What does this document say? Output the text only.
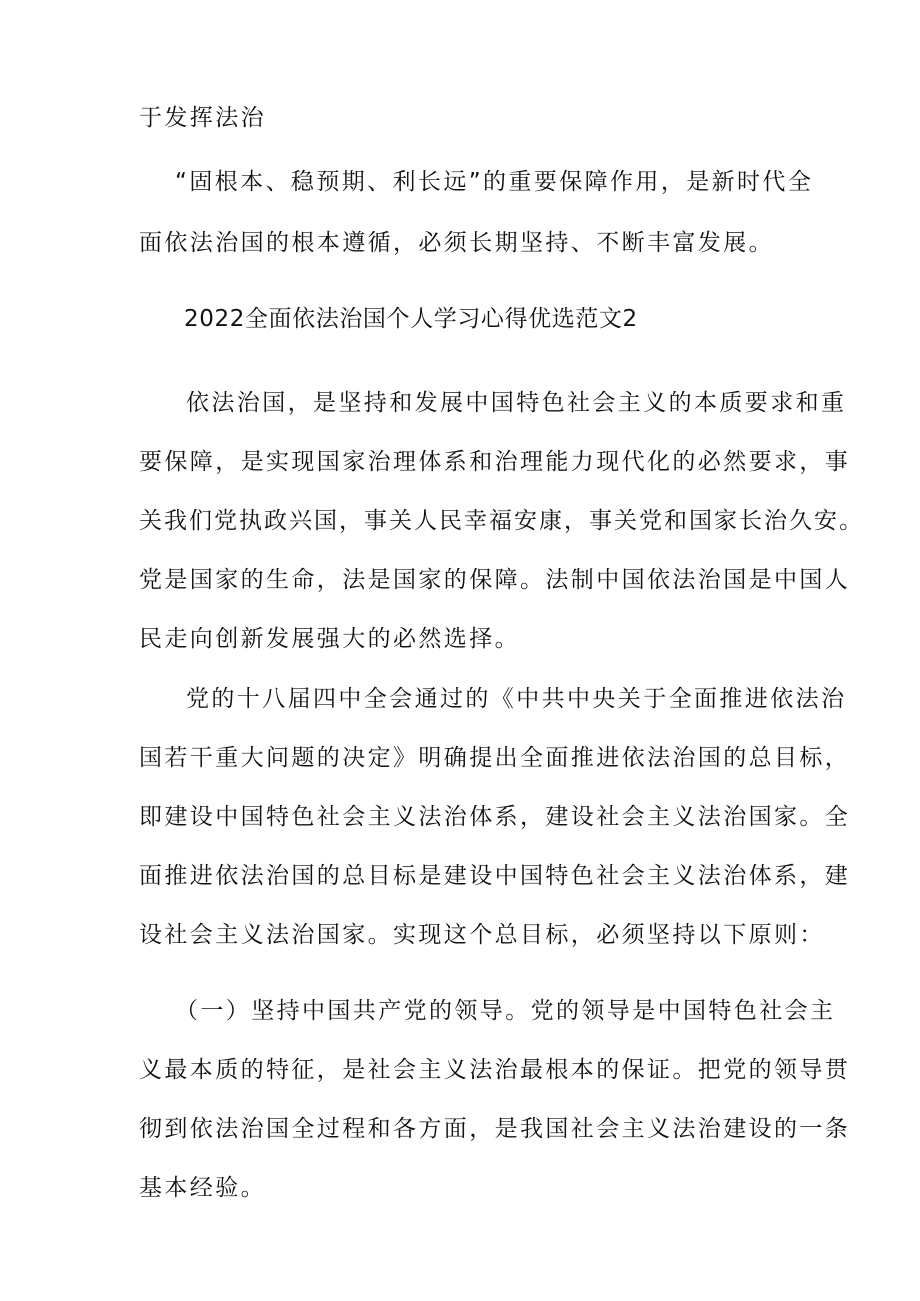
于发挥法治
“固根本、稳预期、利长远”的重要保障作用，是新时代全
面依法治国的根本遵循，必须长期坚持、不断丰富发展。
2022全面依法治国个人学习心得优选范文2
依法治国，是坚持和发展中国特色社会主义的本质要求和重
要保障，是实现国家治理体系和治理能力现代化的必然要求，事
关我们党执政兴国，事关人民幸福安康，事关党和国家长治久安。
党是国家的生命，法是国家的保障。法制中国依法治国是中国人
民走向创新发展强大的必然选择。
党的十八届四中全会通过的《中共中央关于全面推进依法治
国若干重大问题的决定》明确提出全面推进依法治国的总目标，
即建设中国特色社会主义法治体系，建设社会主义法治国家。全
面推进依法治国的总目标是建设中国特色社会主义法治体系，建
设社会主义法治国家。实现这个总目标，必须坚持以下原则：
（一）坚持中国共产党的领导。党的领导是中国特色社会主
义最本质的特征，是社会主义法治最根本的保证。把党的领导贯
彻到依法治国全过程和各方面，是我国社会主义法治建设的一条
基本经验。
